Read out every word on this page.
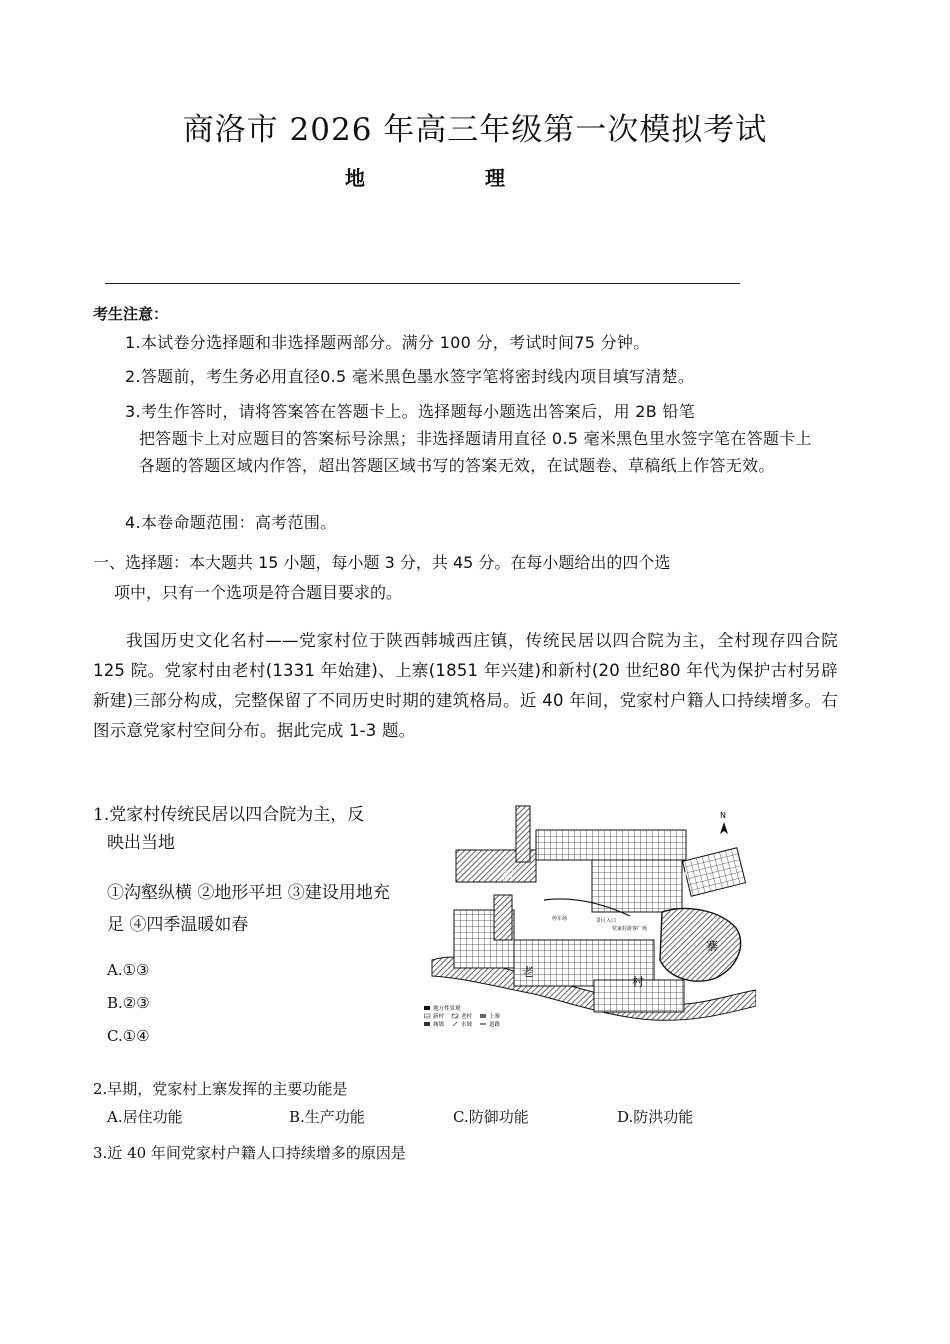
商洛市 2026 年高三年级第一次模拟考试
地	理
考生注意：
1.本试卷分选择题和非选择题两部分。满分 100 分，考试时间75 分钟。
2.答题前，考生务必用直径0.5 毫米黑色墨水签字笔将密封线内项目填写清楚。
3.考生作答时，请将答案答在答题卡上。选择题每小题选出答案后，用 2B 铅笔
把答题卡上对应题目的答案标号涂黑；非选择题请用直径 0.5 毫米黑色里水签字笔在答题卡上各题的答题区域内作答，超出答题区域书写的答案无效，在试题卷、草稿纸上作答无效。
4.本卷命题范围：高考范围。
一、选择题：本大题共 15 小题，每小题 3 分，共 45 分。在每小题给出的四个选
项中，只有一个选项是符合题目要求的。

我国历史文化名村——党家村位于陕西韩城西庄镇，传统民居以四合院为主，全村现存四合院 125 院。党家村由老村(1331 年始建)、上寨(1851 年兴建)和新村(20 世纪80 年代为保护古村另辟新建)三部分构成，完整保留了不同历史时期的建筑格局。近 40 年间，党家村户籍人口持续增多。右图示意党家村空间分布。据此完成 1-3 题。

1.党家村传统民居以四合院为主，反
映出当地
①沟壑纵横 ②地形平坦 ③建设用地充足 ④四季温暖如春
A.①③
B.②③
C.①④
2.早期，党家村上寨发挥的主要功能是
A.居住功能	B.生产功能	C.防御功能	D.防洪功能
3.近 40 年间党家村户籍人口持续增多的原因是
N
新	村
老
村
寨
停车场	景区入口
党家村游客广场
地方性景观
新村	老村	上寨
城墙	水域	道路
